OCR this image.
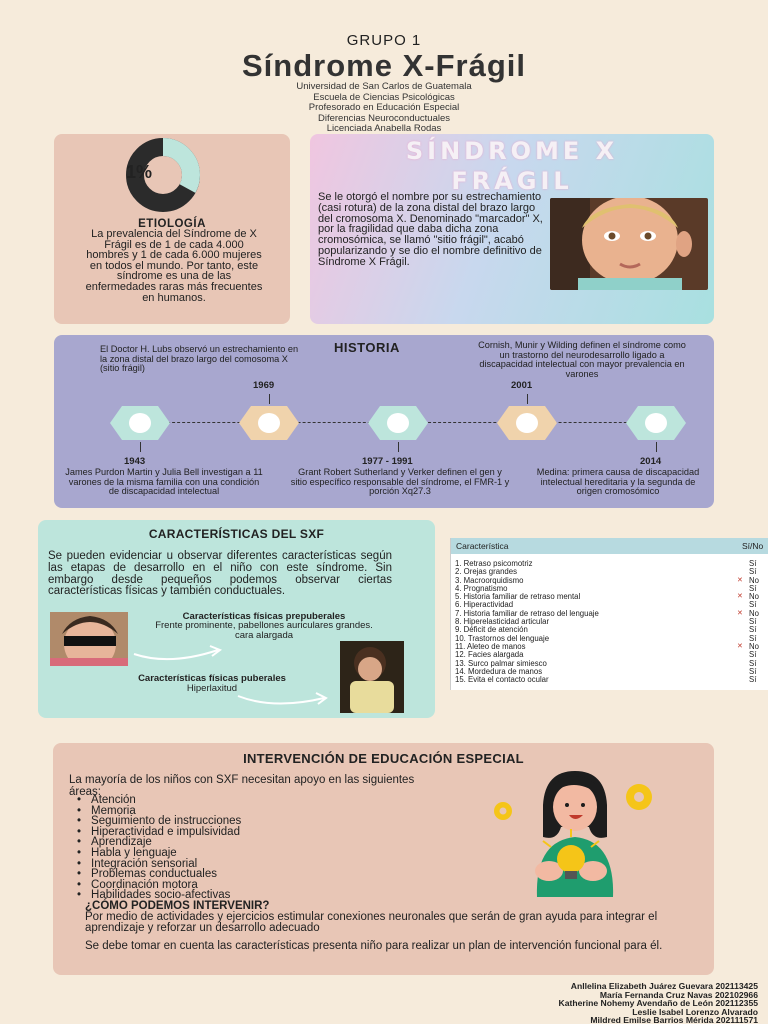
GRUPO 1
Síndrome X-Frágil
Universidad de San Carlos de Guatemala
Escuela de Ciencias Psicológicas
Profesorado en Educación Especial
Diferencias Neuroconductuales
Licenciada Anabella Rodas
1%
ETIOLOGÍA
La prevalencia del Síndrome de X Frágil es de 1 de cada 4.000 hombres y 1 de cada 6.000 mujeres en todos el mundo. Por tanto, este síndrome es una de las enfermedades raras más frecuentes en humanos.
SÍNDROME X
FRÁGIL
Se le otorgó el nombre por su estrechamiento (casi rotura) de la zona distal del brazo largo del cromosoma X. Denominado "marcador" X, por la fragilidad que daba dicha zona cromosómica, se llamó "sitio frágil", acabó popularizando y se dio el nombre definitivo de Síndrome X Frágil.
HISTORIA
El Doctor H. Lubs observó un estrechamiento en la zona distal del brazo largo del comosoma X (sitio frágil)
Cornish, Munir y Wilding definen el síndrome como un trastorno del neurodesarrollo ligado a discapacidad intelectual con mayor prevalencia en varones
1943
1969
1977 - 1991
2001
2014
James Purdon Martin y Julia Bell investigan a 11 varones de la misma familia con una condición de discapacidad intelectual
Grant Robert Sutherland y Verker definen el gen y sitio específico responsable del síndrome, el FMR-1 y porción Xq27.3
Medina: primera causa de discapacidad intelectual hereditaria y la segunda de origen cromosómico
CARACTERÍSTICAS DEL SXF
Se pueden evidenciar u observar diferentes características según las etapas de desarrollo en el niño con este síndrome. Sin embargo desde pequeños podemos observar ciertas características físicas y también conductuales.
Características físicas prepuberales
Frente prominente, pabellones auriculares grandes. cara alargada
Características físicas puberales
Hiperlaxitud
Característica	Sí/No
1. Retraso psicomotriz	Sí
2. Orejas grandes	Sí
3. Macroorquidismo	✕ No
4. Prognatismo	Sí
5. Historia familiar de retraso mental	✕ No
6. Hiperactividad	Sí
7. Historia familiar de retraso del lenguaje	✕ No
8. Hiperelasticidad articular	Sí
9. Déficit de atención	Sí
10. Trastornos del lenguaje	Sí
11. Aleteo de manos	✕ No
12. Facies alargada	Sí
13. Surco palmar simiesco	Sí
14. Mordedura de manos	Sí
15. Evita el contacto ocular	Sí
INTERVENCIÓN DE EDUCACIÓN ESPECIAL
La mayoría de los niños con SXF necesitan apoyo en las siguientes áreas:
• Atención
• Memoria
• Seguimiento de instrucciones
• Hiperactividad e impulsividad
• Aprendizaje
• Habla y lenguaje
• Integración sensorial
• Problemas conductuales
• Coordinación motora
• Habilidades socio-afectivas
¿CÓMO PODEMOS INTERVENIR?
Por medio de actividades y ejercicios estimular conexiones neuronales que serán de gran ayuda para integrar el aprendizaje y reforzar un desarrollo adecuado
Se debe tomar en cuenta las características presenta niño para realizar un plan de intervención funcional para él.
Anllelina Elizabeth Juárez Guevara 202113425
María Fernanda Cruz Navas 202102966
Katherine Nohemy Avendaño de León 202112355
Leslie Isabel Lorenzo Alvarado
Mildred Emilse Barrios Mérida 202111571
